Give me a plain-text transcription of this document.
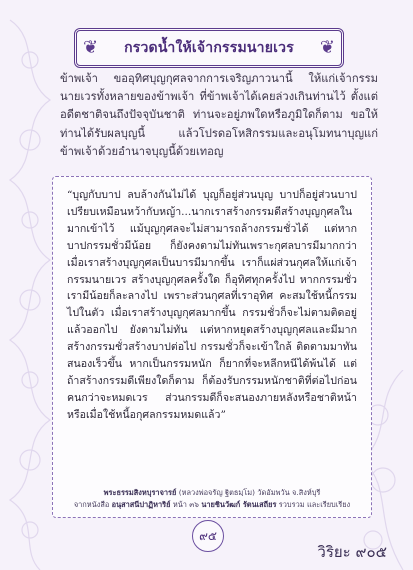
❦ กรวดน้ำให้เจ้ากรรมนายเวร ❦
ข้าพเจ้า ขออุทิศบุญกุศลจากการเจริญภาวนานี้ ให้แก่เจ้ากรรมนายเวรทั้งหลายของข้าพเจ้า ที่ข้าพเจ้าได้เคยล่วงเกินท่านไว้ ตั้งแต่อดีตชาติจนถึงปัจจุบันชาติ ท่านจะอยู่ภพใดหรือภูมิใดก็ตาม ขอให้ท่านได้รับผลบุญนี้ แล้วโปรดอโหสิกรรมและอนุโมทนาบุญแก่ข้าพเจ้าด้วยอำนาจบุญนี้ด้วยเทอญ
“บุญกับบาป ลบล้างกันไม่ได้ บุญก็อยู่ส่วนบุญ บาปก็อยู่ส่วนบาป เปรียบเหมือนหว้ากับหญ้า...นากเราสร้างกรรมดีสร้างบุญกุศลในมากเข้าไว้ แม้บุญกุศลจะไม่สามารถล้างกรรมชั่วได้ แต่หากบาปกรรมชั่วมีน้อย ก็ยังคงตามไม่ทันเพราะกุศลบารมีมากกว่า เมื่อเราสร้างบุญกุศลเป็นบารมีมากขึ้น เราก็แผ่ส่วนกุศลให้แก่เจ้ากรรมนายเวร สร้างบุญกุศลครั้งใด ก็อุทิศทุกครั้งไป หากกรรมชั่วเรามีน้อยก็ละลางไป เพราะส่วนกุศลที่เราอุทิศ คะสมใช้หนี้กรรมไปในตัว เมื่อเราสร้างบุญกุศลมากขึ้น กรรมชั่วก็จะไม่ตามติดอยู่แล้วออกไป ยังตามไม่ทัน แต่หากหยุดสร้างบุญกุศลและมีมากสร้างกรรมชั่วสร้างบาปต่อไป กรรมชั่วก็จะเข้าใกล้ ติดตามมาทันสนองเร็วขึ้น หากเป็นกรรมหนัก ก็ยากที่จะหลีกหนีได้พ้นได้ แต่ถ้าสร้างกรรมดีเพียงใดก็ตาม ก็ต้องรับกรรมหนักชาติที่ต่อไปก่อน คนกว่าจะหมดเวร ส่วนกรรมดีก็จะสนองภายหลังหรือชาติหน้า หรือเมื่อใช้หนี้อกุศลกรรมหมดแล้ว”
พระธรรมสิงหบุราจารย์ (หลวงพ่อจรัญ ฐิตธมฺโม) วัดอัมพวัน จ.สิงห์บุรี
จากหนังสือ อนุสาสนีปาฏิหาริย์ หน้า ๓๖ นายชินวัฒก์ รัตนเสถียร รวบรวม และเรียบเรียง
๙๕
วิริยะ ๙๐๕
